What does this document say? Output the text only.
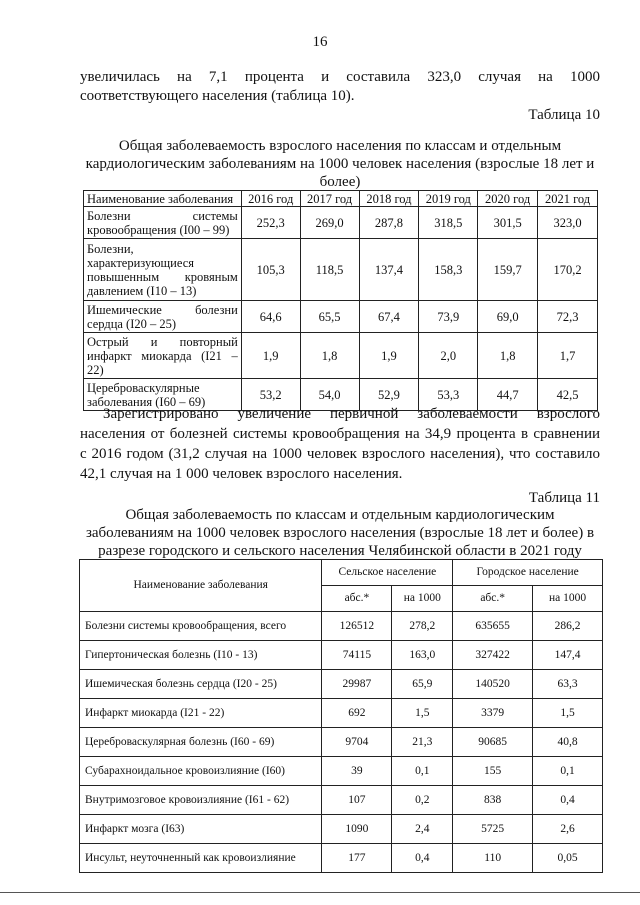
16
увеличилась на 7,1 процента и составила 323,0 случая на 1000
соответствующего населения (таблица 10).
Таблица 10
Общая заболеваемость взрослого населения по классам и отдельным
кардиологическим заболеваниям на 1000 человек населения (взрослые 18 лет и
более)
Наименование заболевания	2016 год	2017 год	2018 год	2019 год	2020 год	2021 год
Болезни системы кровообращения (I00 – 99)	252,3	269,0	287,8	318,5	301,5	323,0
Болезни, характеризующиеся повышенным кровяным давлением (I10 – 13)	105,3	118,5	137,4	158,3	159,7	170,2
Ишемические болезни сердца (I20 – 25)	64,6	65,5	67,4	73,9	69,0	72,3
Острый и повторный инфаркт миокарда (I21 – 22)	1,9	1,8	1,9	2,0	1,8	1,7
Цереброваскулярные заболевания (I60 – 69)	53,2	54,0	52,9	53,3	44,7	42,5
Зарегистрировано увеличение первичной заболеваемости взрослого
населения от болезней системы кровообращения на 34,9 процента в сравнении
с 2016 годом (31,2 случая на 1000 человек взрослого населения), что составило
42,1 случая на 1 000 человек взрослого населения.
Таблица 11
Общая заболеваемость по классам и отдельным кардиологическим
заболеваниям на 1000 человек взрослого населения (взрослые 18 лет и более) в
разрезе городского и сельского населения Челябинской области в 2021 году
Наименование заболевания	Сельское население		Городское население	
	абс.*	на 1000	абс.*	на 1000
Болезни системы кровообращения, всего	126512	278,2	635655	286,2
Гипертоническая болезнь (I10 - 13)	74115	163,0	327422	147,4
Ишемическая болезнь сердца (I20 - 25)	29987	65,9	140520	63,3
Инфаркт миокарда (I21 - 22)	692	1,5	3379	1,5
Цереброваскулярная болезнь (I60 - 69)	9704	21,3	90685	40,8
Субарахноидальное кровоизлияние (I60)	39	0,1	155	0,1
Внутримозговое кровоизлияние (I61 - 62)	107	0,2	838	0,4
Инфаркт мозга (I63)	1090	2,4	5725	2,6
Инсульт, неуточненный как кровоизлияние	177	0,4	110	0,05
